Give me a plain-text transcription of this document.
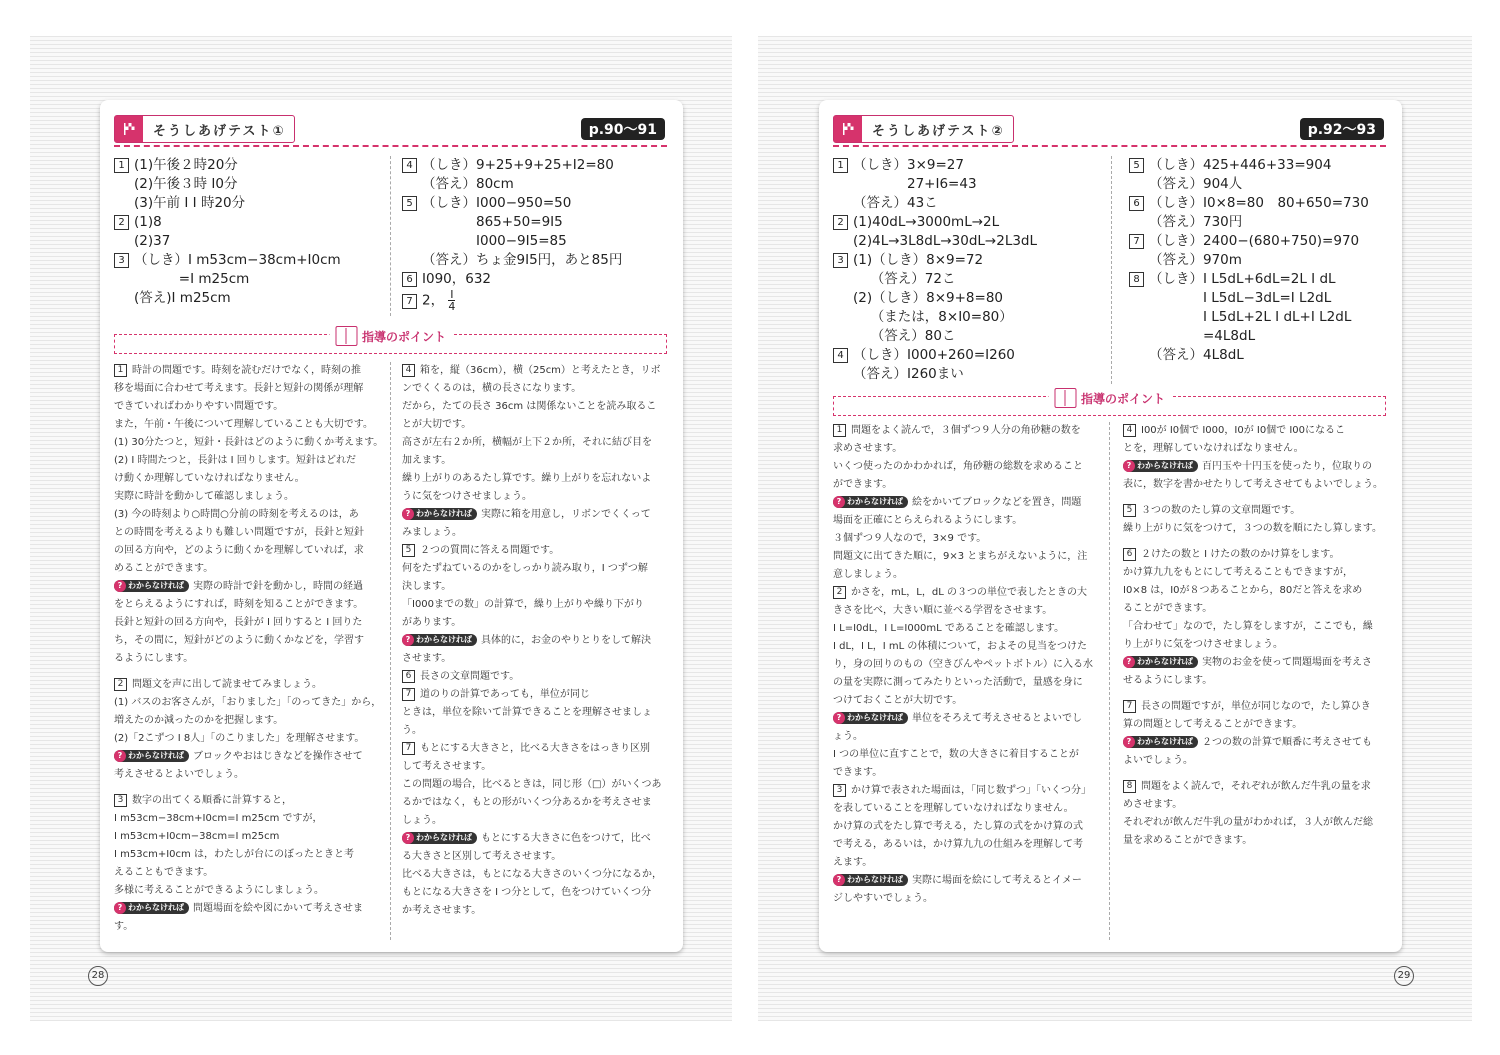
そうしあげテスト①	p.90〜91
1 (1)午後２時20分
(2)午後３時 I0分
(3)午前 I I 時20分
2 (1)8
(2)37
3 （しき）I m53cm−38cm+I0cm
　　　 =I m25cm
(答え)I m25cm
4 （しき）9+25+9+25+I2=80
（答え）80cm
5 （しき）I000−950=50
　　　　865+50=9I5
　　　　I000−9I5=85
（答え）ちょ金9I5円，あと85円
6 I090，632
7 2， $\frac{I}{4}$
指導のポイント

1 時計の問題です。時刻を読むだけでなく，時刻の推

移を場面に合わせて考えます。長針と短針の関係が理解

できていればわかりやすい問題です。

また，午前・午後について理解していることも大切です。

(1) 30分たつと，短針・長針はどのように動くか考えます。

(2) I 時間たつと，長針は I 回りします。短針はどれだ

け動くか理解していなければなりません。

実際に時計を動かして確認しましょう。

(3) 今の時刻より○時間○分前の時刻を考えるのは，あ

との時間を考えるよりも難しい問題ですが，長針と短針

の回る方向や，どのように動くかを理解していれば，求

めることができます。

? わからなければ 実際の時計で針を動かし，時間の経過

をとらえるようにすれば，時刻を知ることができます。

長針と短針の回る方向や，長針が I 回りすると I 回りた

ち，その間に，短針がどのように動くかなどを，学習す

るようにします。

2 問題文を声に出して読ませてみましょう。

(1) バスのお客さんが，「おりました」「のってきた」から，

増えたのか減ったのかを把握します。

(2)「2こずつ I 8人」「のこりました」を理解させます。

? わからなければ ブロックやおはじきなどを操作させて

考えさせるとよいでしょう。

3 数字の出てくる順番に計算すると，

I m53cm−38cm+I0cm=I m25cm ですが，

I m53cm+I0cm−38cm=I m25cm

I m53cm+I0cm は，わたしが台にのぼったときと考

えることもできます。

多様に考えることができるようにしましょう。

? わからなければ 問題場面を絵や図にかいて考えさせま

す。

4 箱を，縦（36cm），横（25cm）と考えたとき，リボ

ンでくくるのは，横の長さになります。

だから，たての長さ 36cm は関係ないことを読み取るこ

とが大切です。

高さが左右２か所，横幅が上下２か所，それに結び目を

加えます。

繰り上がりのあるたし算です。繰り上がりを忘れないよ

うに気をつけさせましょう。

? わからなければ 実際に箱を用意し，リボンでくくって

みましょう。

5 ２つの質問に答える問題です。

何をたずねているのかをしっかり読み取り，I つずつ解

決します。

「I000までの数」の計算で，繰り上がりや繰り下がり

があります。

? わからなければ 具体的に，お金のやりとりをして解決

させます。

6 長さの文章問題です。

7 道のりの計算であっても，単位が同じ

ときは，単位を除いて計算できることを理解させましょ

う。

7 もとにする大きさと，比べる大きさをはっきり区別

して考えさせます。

この問題の場合，比べるときは，同じ形（□）がいくつあ

るかではなく，もとの形がいくつ分あるかを考えさせま

しょう。

? わからなければ もとにする大きさに色をつけて，比べ

る大きさと区別して考えさせます。

比べる大きさは，もとになる大きさのいくつ分になるか，

もとになる大きさを I つ分として，色をつけていくつ分

か考えさせます。

そうしあげテスト②	p.92〜93
1 （しき）3×9=27
　　　　27+I6=43
（答え）43こ
2 (1)40dL→3000mL→2L
(2)4L→3L8dL→30dL→2L3dL
3 (1)（しき）8×9=72
　 （答え）72こ
(2)（しき）8×9+8=80
　 （または，8×I0=80）
　 （答え）80こ
4 （しき）I000+260=I260
（答え）I260まい
5 （しき）425+446+33=904
（答え）904人
6 （しき）I0×8=80　80+650=730
（答え）730円
7 （しき）2400−(680+750)=970
（答え）970m
8 （しき）I L5dL+6dL=2L I dL
　　　　I L5dL−3dL=I L2dL
　　　　I L5dL+2L I dL+I L2dL
　　　　=4L8dL
（答え）4L8dL
指導のポイント

1 問題をよく読んで，３個ずつ９人分の角砂糖の数を

求めさせます。

いくつ使ったのかわかれば，角砂糖の総数を求めること

ができます。

? わからなければ 絵をかいてブロックなどを置き，問題

場面を正確にとらえられるようにします。

３個ずつ９人なので，3×9 です。

問題文に出てきた順に，9×3 とまちがえないように，注

意しましょう。

2 かさを，mL，L，dL の３つの単位で表したときの大

きさを比べ，大きい順に並べる学習をさせます。

I L=I0dL，I L=I000mL であることを確認します。

I dL，I L，I mL の体積について，およその見当をつけた

り，身の回りのもの（空きびんやペットボトル）に入る水

の量を実際に測ってみたりといった活動で，量感を身に

つけておくことが大切です。

? わからなければ 単位をそろえて考えさせるとよいでし

ょう。

I つの単位に直すことで，数の大きさに着目することが

できます。

3 かけ算で表された場面は，「同じ数ずつ」「いくつ分」

を表していることを理解していなければなりません。

かけ算の式をたし算で考える，たし算の式をかけ算の式

で考える，あるいは，かけ算九九の仕組みを理解して考

えます。

? わからなければ 実際に場面を絵にして考えるとイメー

ジしやすいでしょう。

4 I00が I0個で I000，I0が I0個で I00になるこ

とを，理解していなければなりません。

? わからなければ 百円玉や十円玉を使ったり，位取りの

表に，数字を書かせたりして考えさせてもよいでしょう。

5 ３つの数のたし算の文章問題です。

繰り上がりに気をつけて，３つの数を順にたし算します。

6 ２けたの数と I けたの数のかけ算をします。

かけ算九九をもとにして考えることもできますが，

I0×8 は，I0が８つあることから，80だと答えを求め

ることができます。

「合わせて」なので，たし算をしますが，ここでも，繰

り上がりに気をつけさせましょう。

? わからなければ 実物のお金を使って問題場面を考えさ

せるようにします。

7 長さの問題ですが，単位が同じなので，たし算ひき

算の問題として考えることができます。

? わからなければ ２つの数の計算で順番に考えさせても

よいでしょう。

8 問題をよく読んで，それぞれが飲んだ牛乳の量を求

めさせます。

それぞれが飲んだ牛乳の量がわかれば，３人が飲んだ総

量を求めることができます。

28	29
